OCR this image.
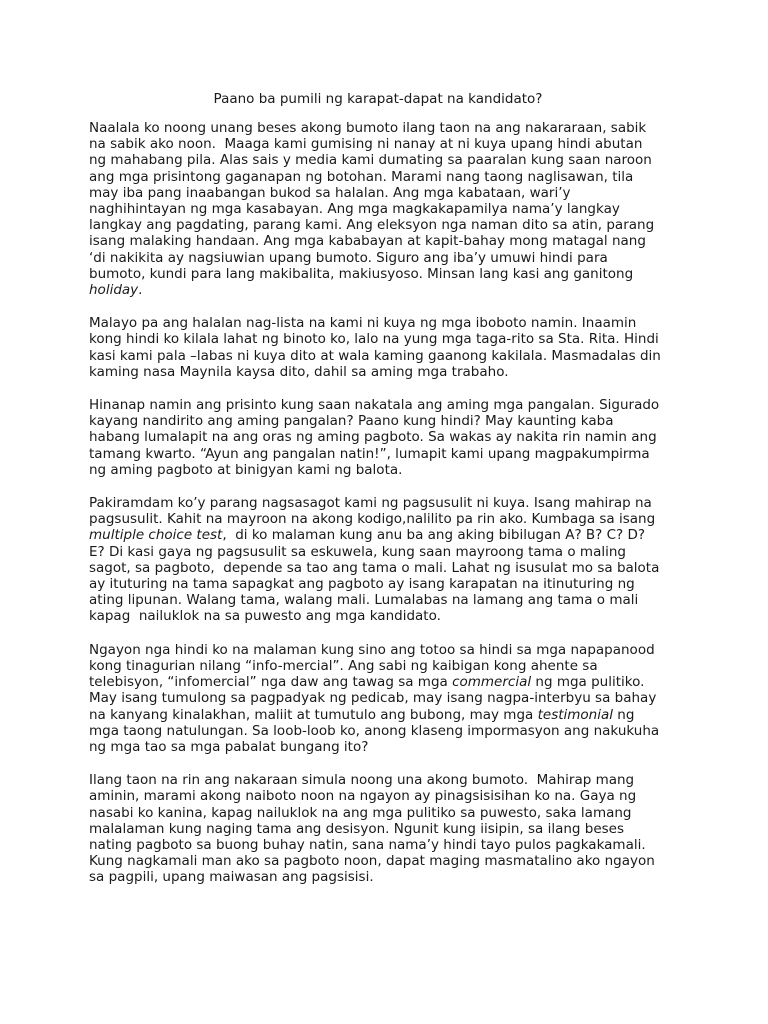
Paano ba pumili ng karapat-dapat na kandidato?

Naalala ko noong unang beses akong bumoto ilang taon na ang nakararaan, sabik
na sabik ako noon.  Maaga kami gumising ni nanay at ni kuya upang hindi abutan
ng mahabang pila. Alas sais y media kami dumating sa paaralan kung saan naroon
ang mga prisintong gaganapan ng botohan. Marami nang taong naglisawan, tila
may iba pang inaabangan bukod sa halalan. Ang mga kabataan, wari’y
naghihintayan ng mga kasabayan. Ang mga magkakapamilya nama’y langkay
langkay ang pagdating, parang kami. Ang eleksyon nga naman dito sa atin, parang
isang malaking handaan. Ang mga kababayan at kapit-bahay mong matagal nang
‘di nakikita ay nagsiuwian upang bumoto. Siguro ang iba’y umuwi hindi para
bumoto, kundi para lang makibalita, makiusyoso. Minsan lang kasi ang ganitong
holiday.

Malayo pa ang halalan nag-lista na kami ni kuya ng mga iboboto namin. Inaamin
kong hindi ko kilala lahat ng binoto ko, lalo na yung mga taga-rito sa Sta. Rita. Hindi
kasi kami pala –labas ni kuya dito at wala kaming gaanong kakilala. Masmadalas din
kaming nasa Maynila kaysa dito, dahil sa aming mga trabaho.

Hinanap namin ang prisinto kung saan nakatala ang aming mga pangalan. Sigurado
kayang nandirito ang aming pangalan? Paano kung hindi? May kaunting kaba
habang lumalapit na ang oras ng aming pagboto. Sa wakas ay nakita rin namin ang
tamang kwarto. “Ayun ang pangalan natin!”, lumapit kami upang magpakumpirma
ng aming pagboto at binigyan kami ng balota.

Pakiramdam ko’y parang nagsasagot kami ng pagsusulit ni kuya. Isang mahirap na
pagsusulit. Kahit na mayroon na akong kodigo,nalilito pa rin ako. Kumbaga sa isang
multiple choice test,  di ko malaman kung anu ba ang aking bibilugan A? B? C? D?
E? Di kasi gaya ng pagsusulit sa eskuwela, kung saan mayroong tama o maling
sagot, sa pagboto,  depende sa tao ang tama o mali. Lahat ng isusulat mo sa balota
ay ituturing na tama sapagkat ang pagboto ay isang karapatan na itinuturing ng
ating lipunan. Walang tama, walang mali. Lumalabas na lamang ang tama o mali
kapag  nailuklok na sa puwesto ang mga kandidato.

Ngayon nga hindi ko na malaman kung sino ang totoo sa hindi sa mga napapanood
kong tinagurian nilang “info-mercial”. Ang sabi ng kaibigan kong ahente sa
telebisyon, “infomercial” nga daw ang tawag sa mga commercial ng mga pulitiko.
May isang tumulong sa pagpadyak ng pedicab, may isang nagpa-interbyu sa bahay
na kanyang kinalakhan, maliit at tumutulo ang bubong, may mga testimonial ng
mga taong natulungan. Sa loob-loob ko, anong klaseng impormasyon ang nakukuha
ng mga tao sa mga pabalat bungang ito?

Ilang taon na rin ang nakaraan simula noong una akong bumoto.  Mahirap mang
aminin, marami akong naiboto noon na ngayon ay pinagsisisihan ko na. Gaya ng
nasabi ko kanina, kapag nailuklok na ang mga pulitiko sa puwesto, saka lamang
malalaman kung naging tama ang desisyon. Ngunit kung iisipin, sa ilang beses
nating pagboto sa buong buhay natin, sana nama’y hindi tayo pulos pagkakamali.
Kung nagkamali man ako sa pagboto noon, dapat maging masmatalino ako ngayon
sa pagpili, upang maiwasan ang pagsisisi.
